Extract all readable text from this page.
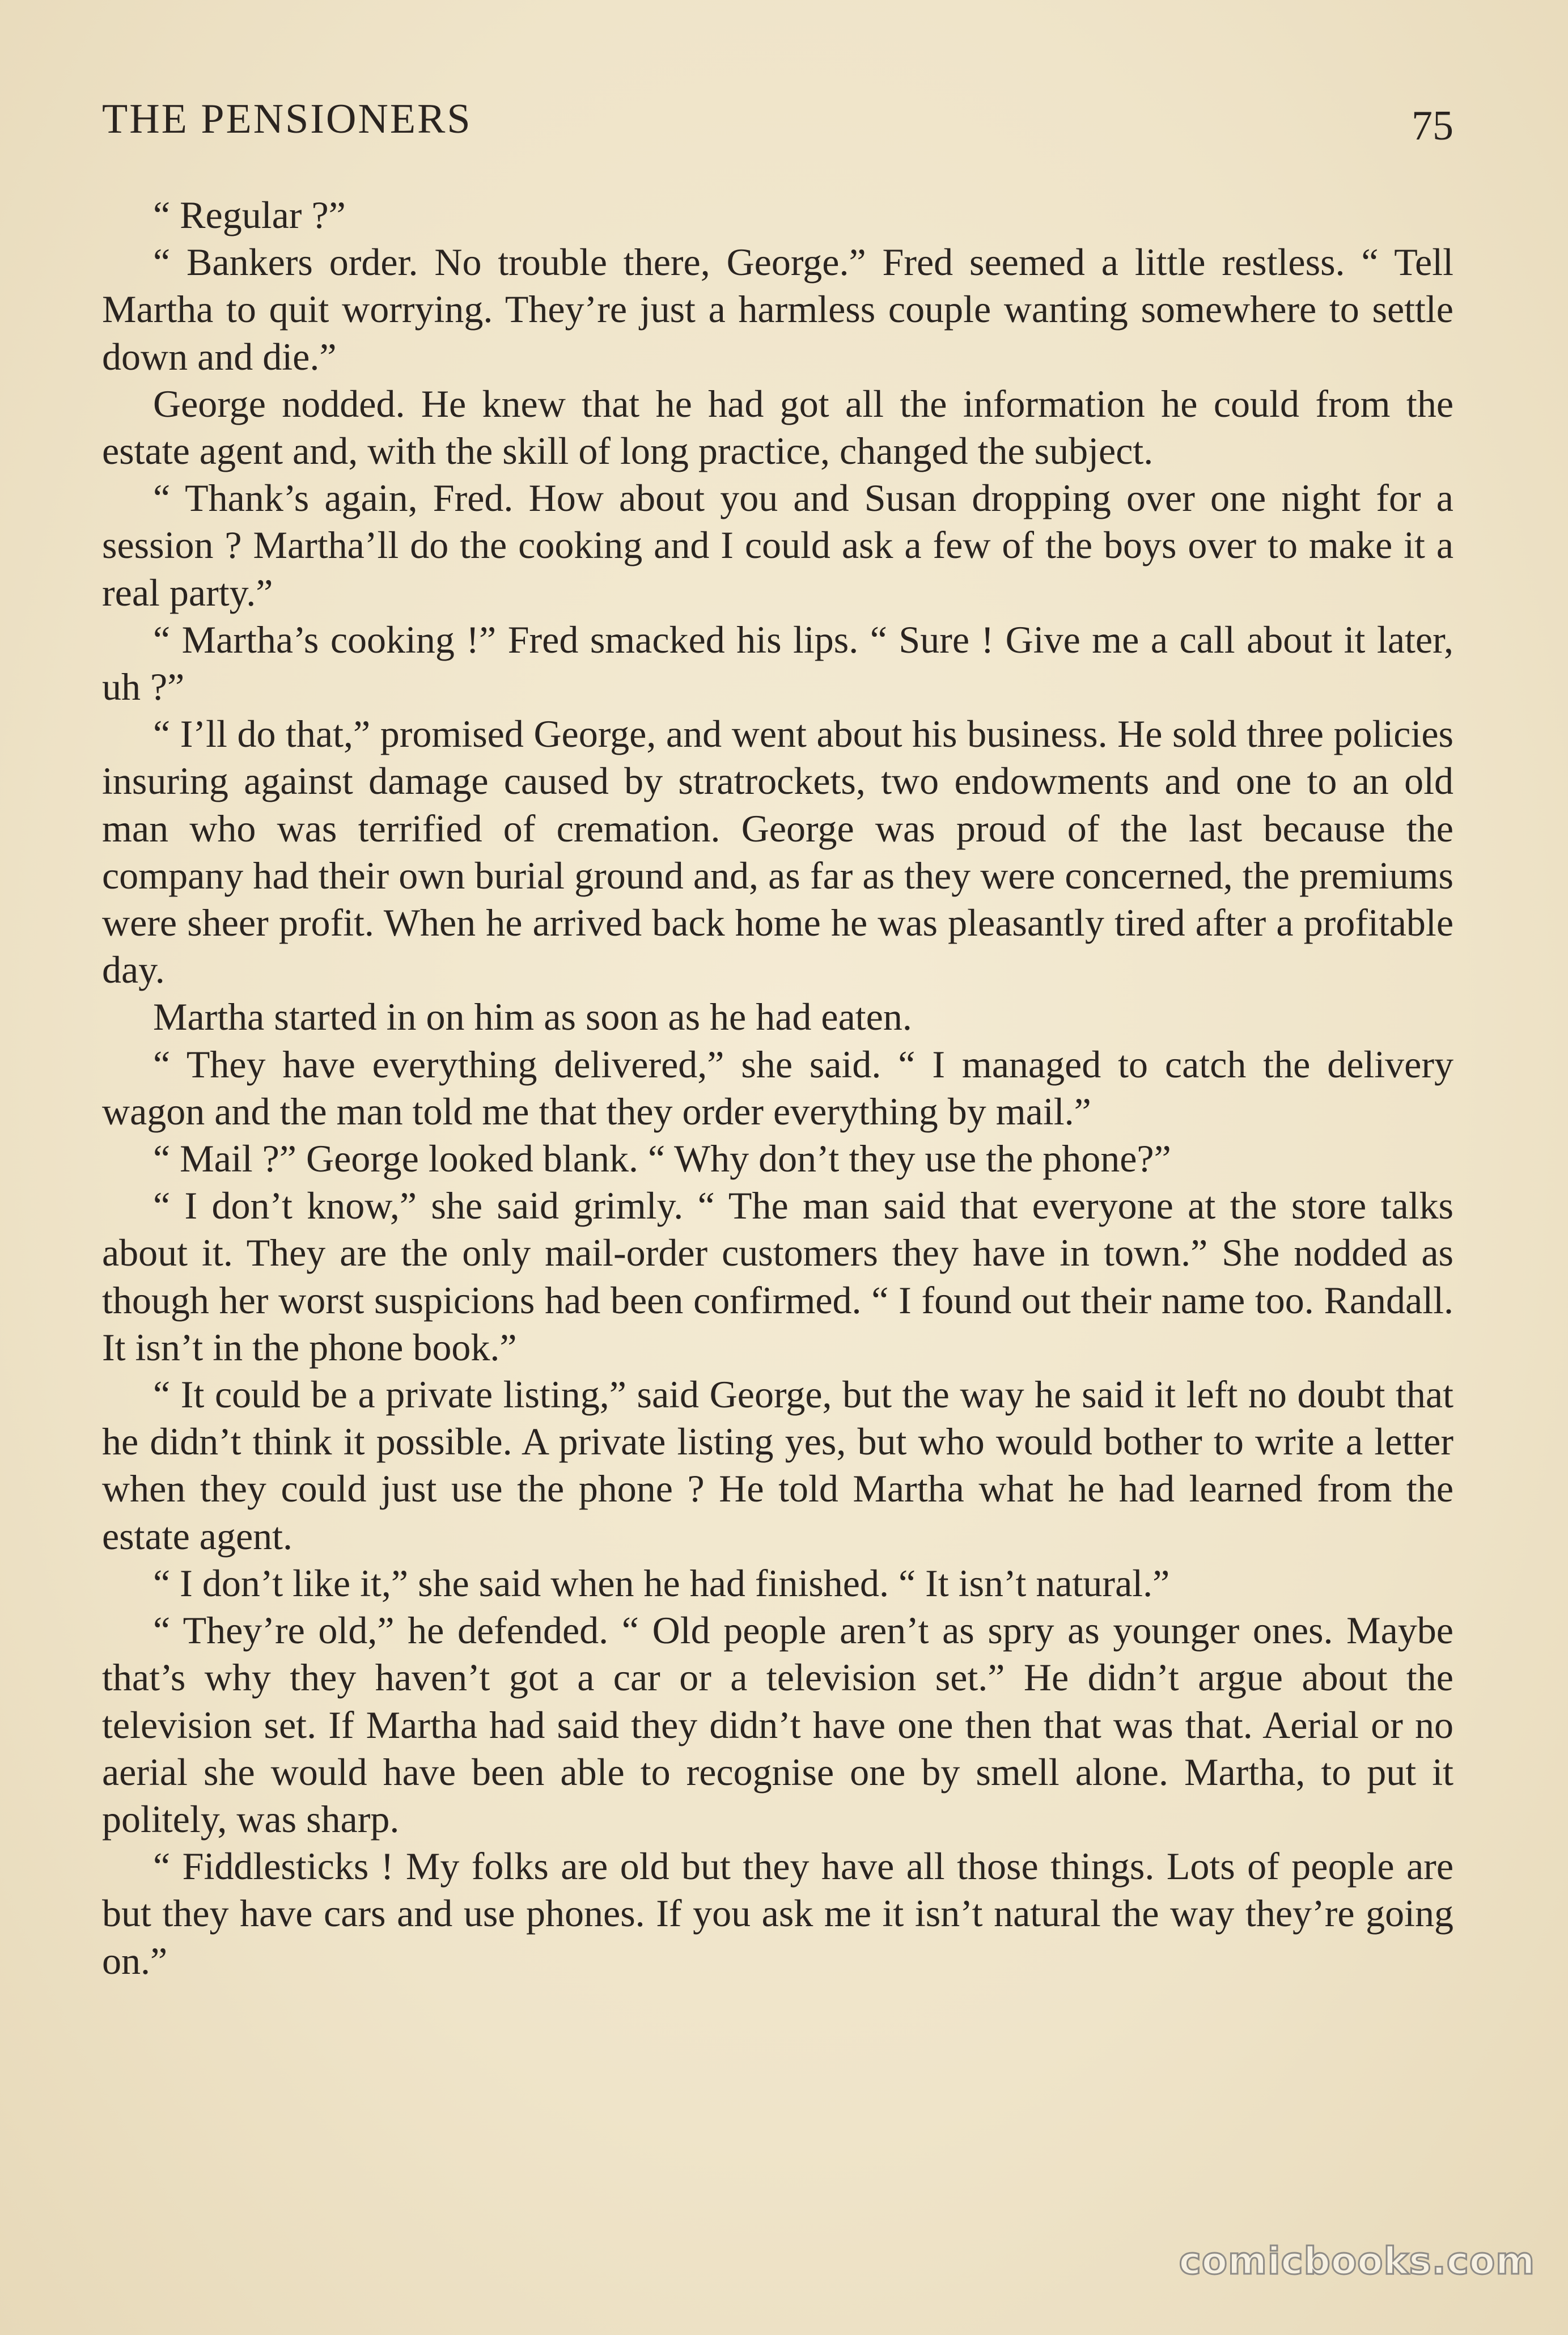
THE PENSIONERS	75

“ Regular ?”

“ Bankers order. No trouble there, George.” Fred seemed a little restless. “ Tell Martha to quit worrying. They’re just a harmless couple wanting somewhere to settle down and die.”

George nodded. He knew that he had got all the information he could from the estate agent and, with the skill of long practice, changed the subject.

“ Thank’s again, Fred. How about you and Susan dropping over one night for a session ? Martha’ll do the cooking and I could ask a few of the boys over to make it a real party.”

“ Martha’s cooking !” Fred smacked his lips. “ Sure ! Give me a call about it later, uh ?”

“ I’ll do that,” promised George, and went about his business. He sold three policies insuring against damage caused by stratrockets, two endowments and one to an old man who was terrified of cremation. George was proud of the last because the company had their own burial ground and, as far as they were concerned, the premiums were sheer profit. When he arrived back home he was pleasantly tired after a profitable day.

Martha started in on him as soon as he had eaten.

“ They have everything delivered,” she said. “ I managed to catch the delivery wagon and the man told me that they order everything by mail.”

“ Mail ?” George looked blank. “ Why don’t they use the phone?”

“ I don’t know,” she said grimly. “ The man said that everyone at the store talks about it. They are the only mail-order customers they have in town.” She nodded as though her worst suspicions had been confirmed. “ I found out their name too. Randall. It isn’t in the phone book.”

“ It could be a private listing,” said George, but the way he said it left no doubt that he didn’t think it possible. A private listing yes, but who would bother to write a letter when they could just use the phone ? He told Martha what he had learned from the estate agent.

“ I don’t like it,” she said when he had finished. “ It isn’t natural.”

“ They’re old,” he defended. “ Old people aren’t as spry as younger ones. Maybe that’s why they haven’t got a car or a television set.” He didn’t argue about the television set. If Martha had said they didn’t have one then that was that. Aerial or no aerial she would have been able to recognise one by smell alone. Martha, to put it politely, was sharp.

“ Fiddlesticks ! My folks are old but they have all those things. Lots of people are but they have cars and use phones. If you ask me it isn’t natural the way they’re going on.”

comicbooks.com
